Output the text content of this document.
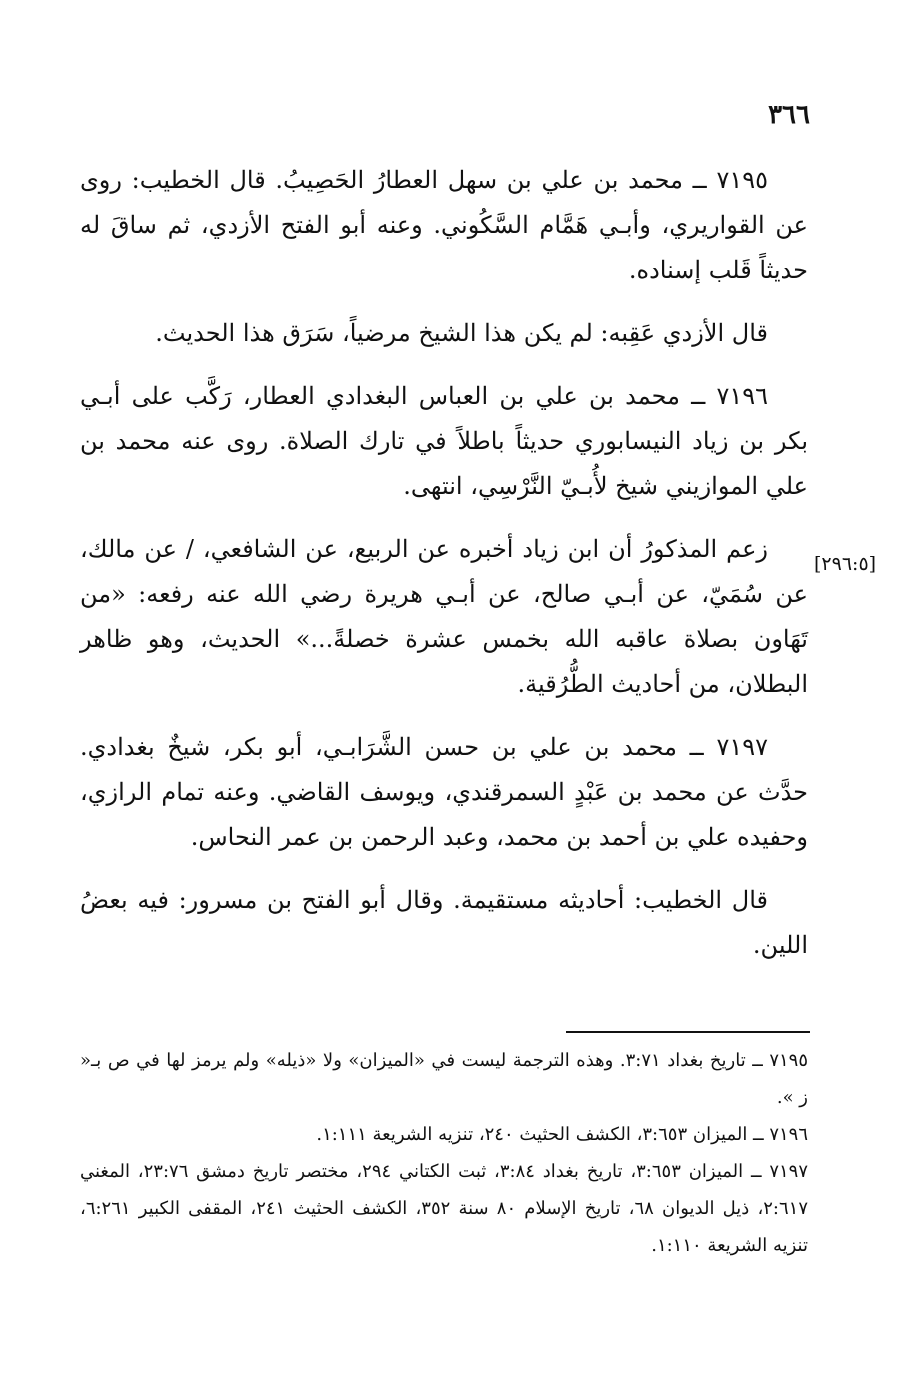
٣٦٦

٧١٩٥ ــ محمد بن علي بن سهل العطارُ الحَصِيبُ. قال الخطيب: روى عن القواريري، وأبـي هَمَّام السَّكُوني. وعنه أبو الفتح الأزدي، ثم ساقَ له حديثاً قَلب إسناده.

قال الأزدي عَقِبه: لم يكن هذا الشيخ مرضياً، سَرَق هذا الحديث.

٧١٩٦ ــ محمد بن علي بن العباس البغدادي العطار، رَكَّب على أبـي بكر بن زياد النيسابوري حديثاً باطلاً في تارك الصلاة. روى عنه محمد بن علي الموازيني شيخ لأُبـيّ النَّرْسِي، انتهى.

زعم المذكورُ أن ابن زياد أخبره عن الربيع، عن الشافعي، / عن مالك، عن سُمَيّ، عن أبـي صالح، عن أبـي هريرة رضي الله عنه رفعه: «من تَهَاون بصلاة عاقبه الله بخمس عشرة خصلةً...» الحديث، وهو ظاهر البطلان، من أحاديث الطُّرُقية.

٧١٩٧ ــ محمد بن علي بن حسن الشَّرَابـي، أبو بكر، شيخٌ بغدادي. حدَّث عن محمد بن عَبْدٍ السمرقندي، ويوسف القاضي. وعنه تمام الرازي، وحفيده علي بن أحمد بن محمد، وعبد الرحمن بن عمر النحاس.

قال الخطيب: أحاديثه مستقيمة. وقال أبو الفتح بن مسرور: فيه بعضُ اللين.

[٢٩٦:٥]

٧١٩٥ ــ تاريخ بغداد ٣:٧١. وهذه الترجمة ليست في «الميزان» ولا «ذيله» ولم يرمز لها في ص بـ« ز ».

٧١٩٦ ــ الميزان ٣:٦٥٣، الكشف الحثيث ٢٤٠، تنزيه الشريعة ١:١١١.

٧١٩٧ ــ الميزان ٣:٦٥٣، تاريخ بغداد ٣:٨٤، ثبت الكتاني ٢٩٤، مختصر تاريخ دمشق ٢٣:٧٦، المغني ٢:٦١٧، ذيل الديوان ٦٨، تاريخ الإسلام ٨٠ سنة ٣٥٢، الكشف الحثيث ٢٤١، المقفى الكبير ٦:٢٦١، تنزيه الشريعة ١:١١٠.
